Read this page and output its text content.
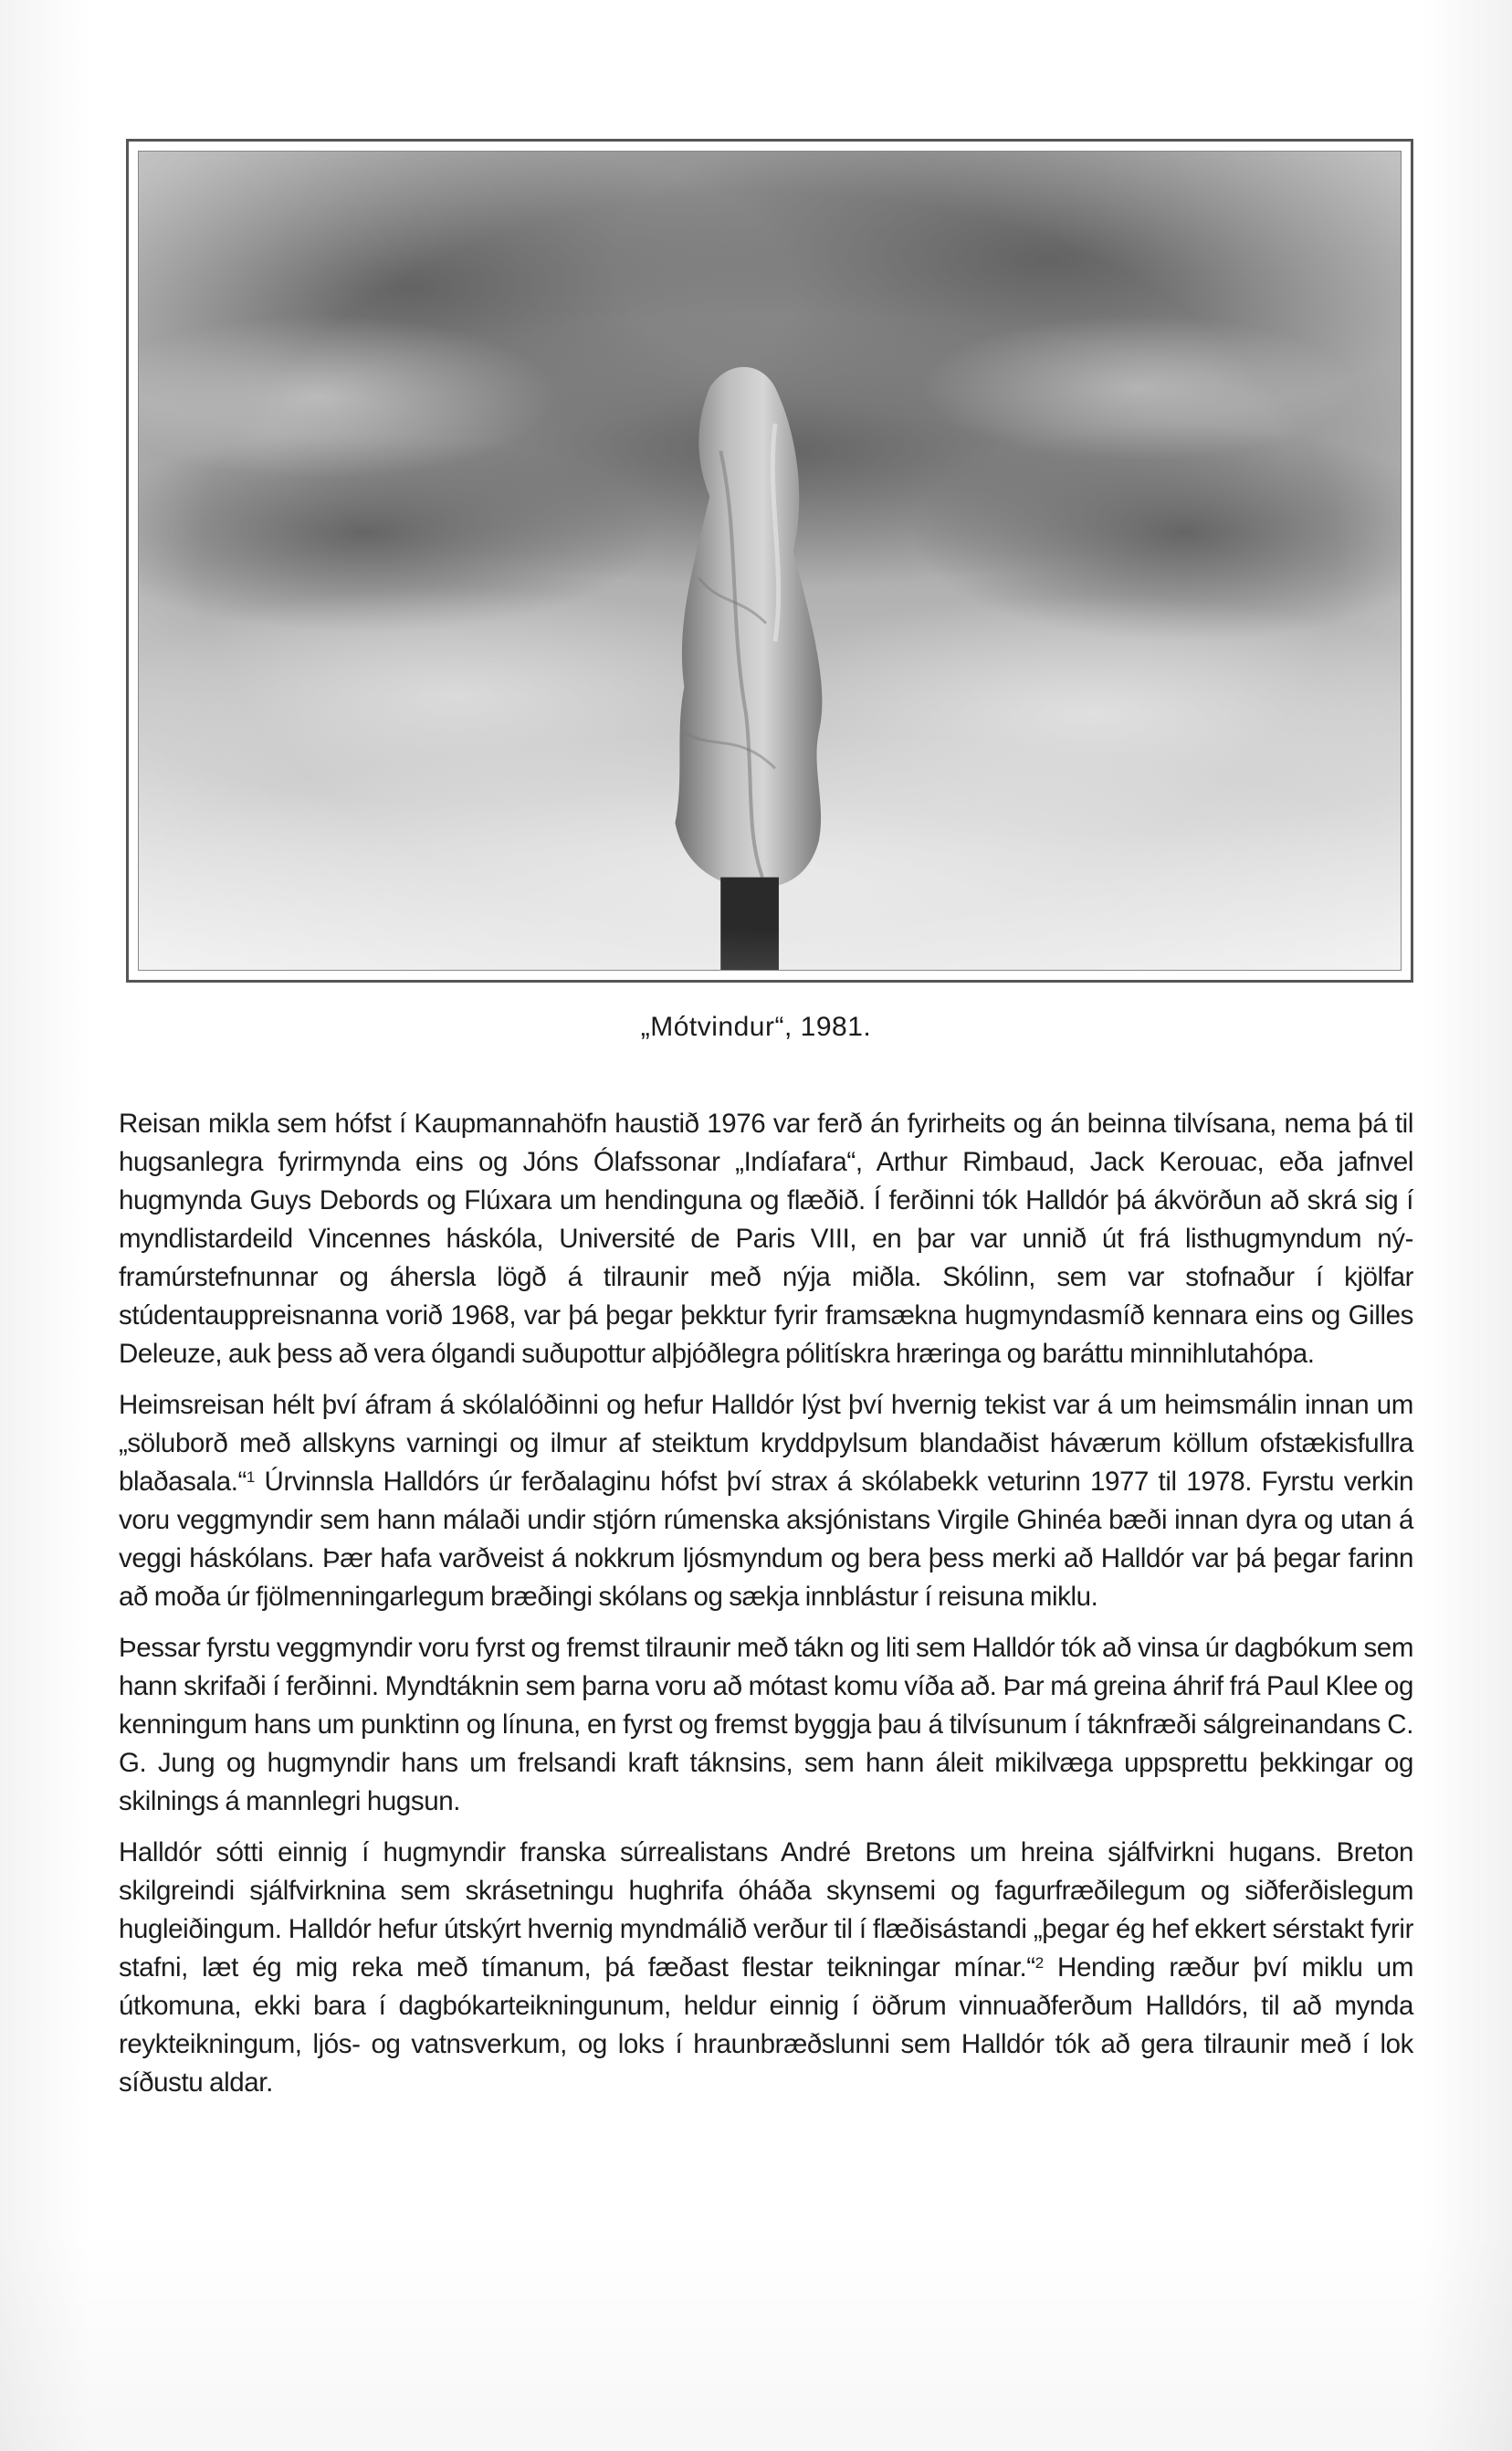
„Mótvindur“, 1981.

Reisan mikla sem hófst í Kaupmannahöfn haustið 1976 var ferð án fyrirheits og án beinna tilvísana, nema þá til hugsanlegra fyrirmynda eins og Jóns Ólafssonar „Indíafara“, Arthur Rimbaud, Jack Kerouac, eða jafnvel hugmynda Guys Debords og Flúxara um hendinguna og flæðið. Í ferðinni tók Halldór þá ákvörðun að skrá sig í myndlistardeild Vincennes háskóla, Université de Paris VIII, en þar var unnið út frá listhugmyndum ný-framúrstefnunnar og áhersla lögð á tilraunir með nýja miðla. Skólinn, sem var stofnaður í kjölfar stúdentauppreisnanna vorið 1968, var þá þegar þekktur fyrir framsækna hugmyndasmíð kennara eins og Gilles Deleuze, auk þess að vera ólgandi suðupottur alþjóðlegra pólitískra hræringa og baráttu minnihlutahópa.

Heimsreisan hélt því áfram á skólalóðinni og hefur Halldór lýst því hvernig tekist var á um heimsmálin innan um „söluborð með allskyns varningi og ilmur af steiktum kryddpylsum blandaðist háværum köllum ofstækisfullra blaðasala.“$^1$ Úrvinnsla Halldórs úr ferðalaginu hófst því strax á skólabekk veturinn 1977 til 1978. Fyrstu verkin voru veggmyndir sem hann málaði undir stjórn rúmenska aksjónistans Virgile Ghinéa bæði innan dyra og utan á veggi háskólans. Þær hafa varðveist á nokkrum ljósmyndum og bera þess merki að Halldór var þá þegar farinn að moða úr fjölmenningarlegum bræðingi skólans og sækja innblástur í reisuna miklu.

Þessar fyrstu veggmyndir voru fyrst og fremst tilraunir með tákn og liti sem Halldór tók að vinsa úr dagbókum sem hann skrifaði í ferðinni. Myndtáknin sem þarna voru að mótast komu víða að. Þar má greina áhrif frá Paul Klee og kenningum hans um punktinn og línuna, en fyrst og fremst byggja þau á tilvísunum í táknfræði sálgreinandans C. G. Jung og hugmyndir hans um frelsandi kraft táknsins, sem hann áleit mikilvæga uppsprettu þekkingar og skilnings á mannlegri hugsun.

Halldór sótti einnig í hugmyndir franska súrrealistans André Bretons um hreina sjálfvirkni hugans. Breton skilgreindi sjálfvirknina sem skrásetningu hughrifa óháða skynsemi og fagurfræðilegum og siðferðislegum hugleiðingum. Halldór hefur útskýrt hvernig myndmálið verður til í flæðisástandi „þegar ég hef ekkert sérstakt fyrir stafni, læt ég mig reka með tímanum, þá fæðast flestar teikningar mínar.“$^2$ Hending ræður því miklu um útkomuna, ekki bara í dagbókarteikningunum, heldur einnig í öðrum vinnuaðferðum Halldórs, til að mynda reykteikningum, ljós- og vatnsverkum, og loks í hraunbræðslunni sem Halldór tók að gera tilraunir með í lok síðustu aldar.
